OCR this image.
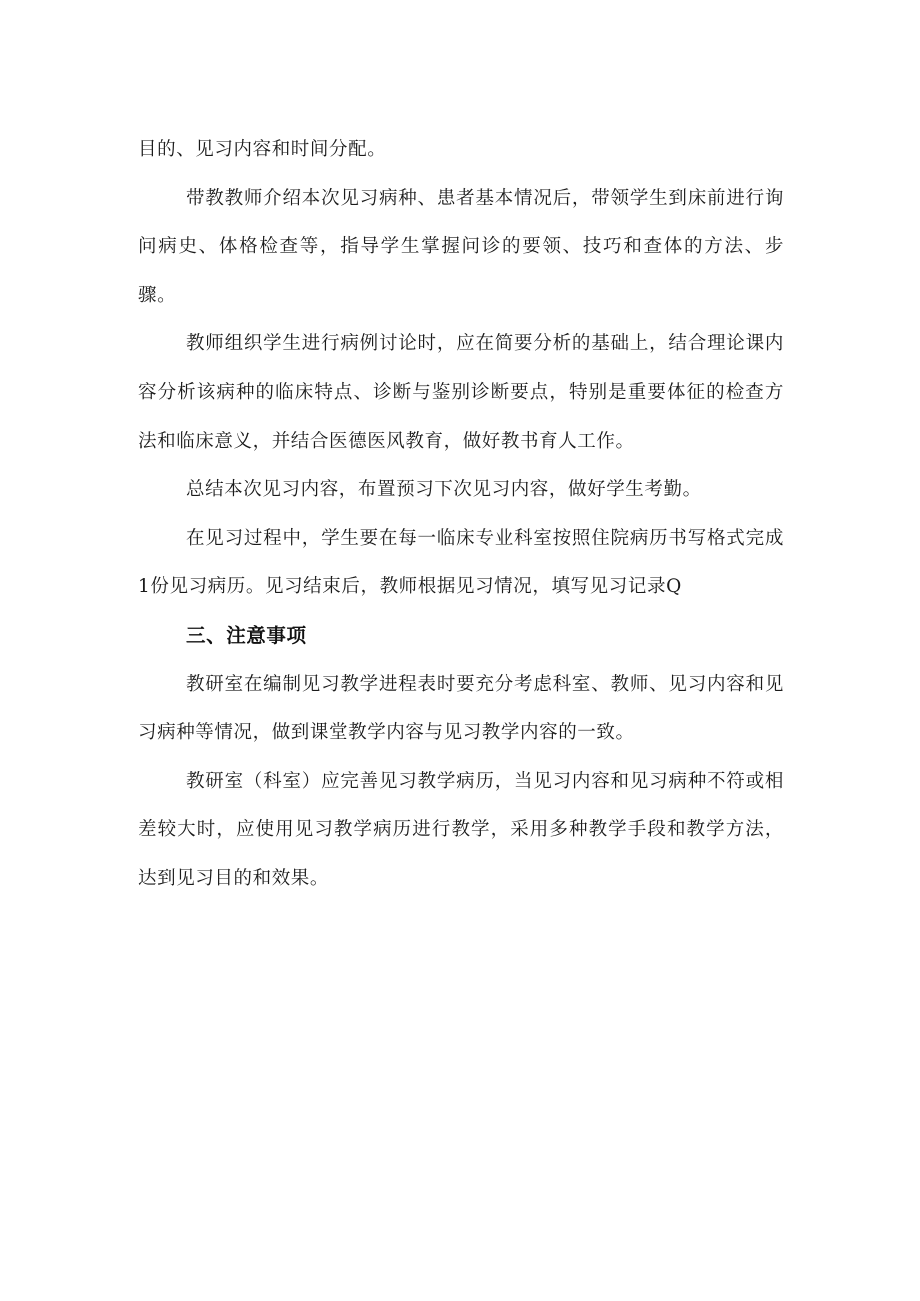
目的、见习内容和时间分配。

带教教师介绍本次见习病种、患者基本情况后，带领学生到床前进行询问病史、体格检查等，指导学生掌握问诊的要领、技巧和查体的方法、步骤。

教师组织学生进行病例讨论时，应在简要分析的基础上，结合理论课内容分析该病种的临床特点、诊断与鉴别诊断要点，特别是重要体征的检查方法和临床意义，并结合医德医风教育，做好教书育人工作。

总结本次见习内容，布置预习下次见习内容，做好学生考勤。

在见习过程中，学生要在每一临床专业科室按照住院病历书写格式完成1份见习病历。见习结束后，教师根据见习情况，填写见习记录Q

三、注意事项

教研室在编制见习教学进程表时要充分考虑科室、教师、见习内容和见习病种等情况，做到课堂教学内容与见习教学内容的一致。

教研室（科室）应完善见习教学病历，当见习内容和见习病种不符或相差较大时，应使用见习教学病历进行教学，采用多种教学手段和教学方法，达到见习目的和效果。
